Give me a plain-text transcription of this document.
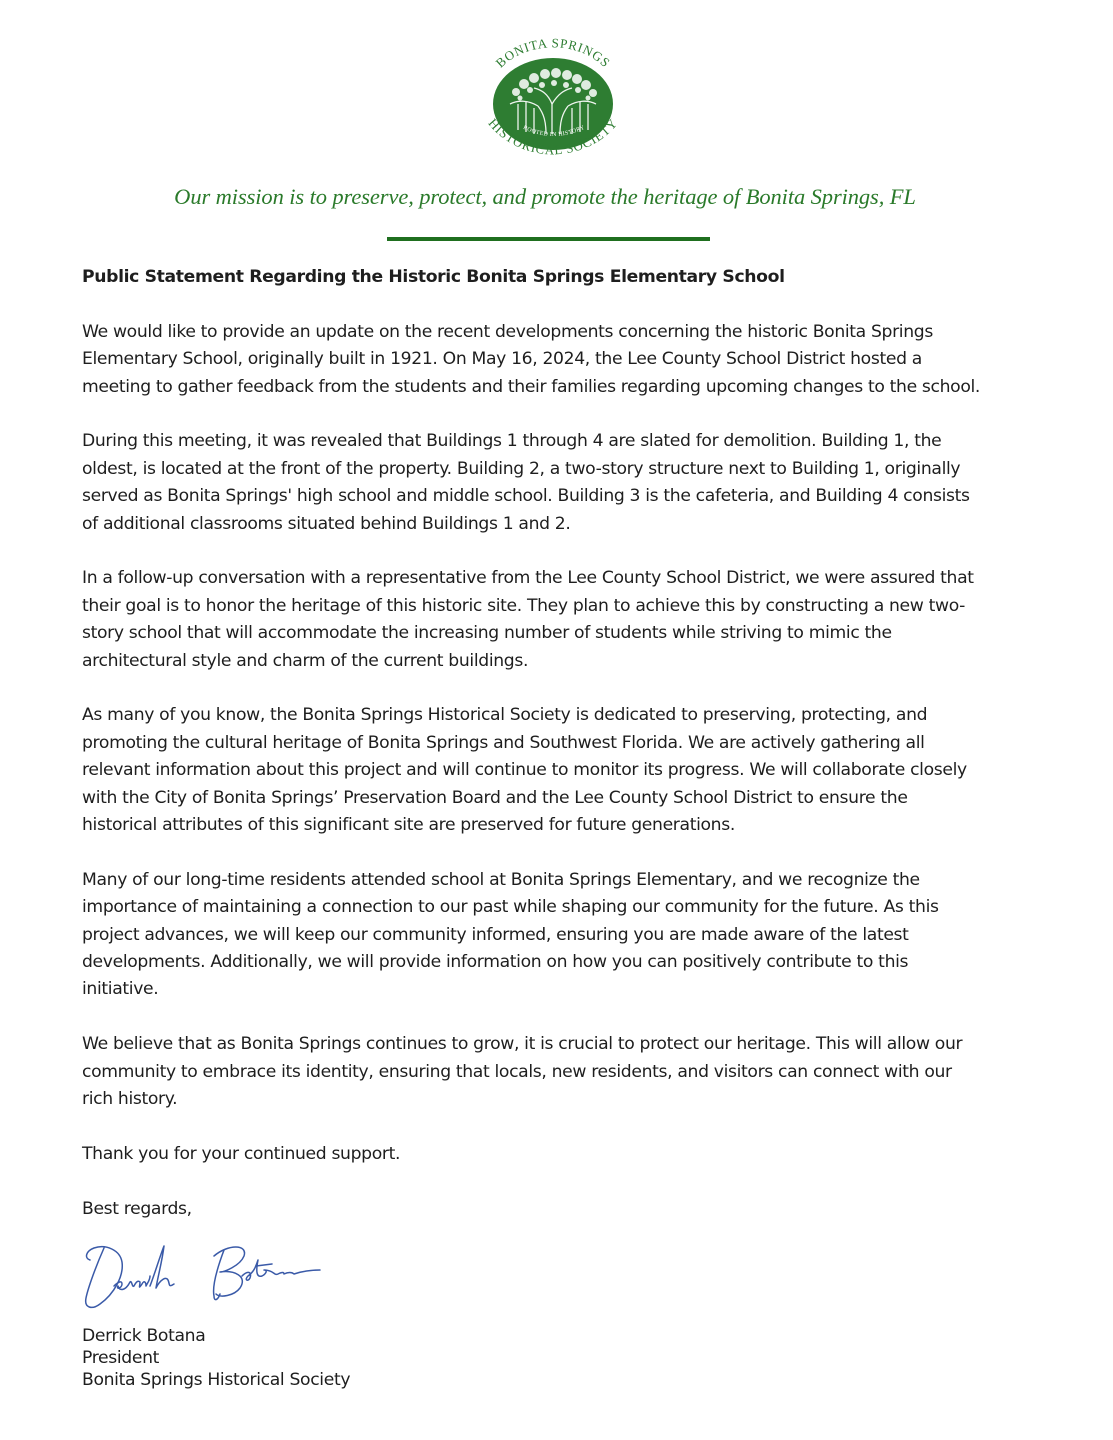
ROOTED IN HISTORY
BONITA SPRINGS
HISTORICAL SOCIETY
Our mission is to preserve, protect, and promote the heritage of Bonita Springs, FL
Public Statement Regarding the Historic Bonita Springs Elementary School
We would like to provide an update on the recent developments concerning the historic Bonita Springs
Elementary School, originally built in 1921. On May 16, 2024, the Lee County School District hosted a
meeting to gather feedback from the students and their families regarding upcoming changes to the school.
During this meeting, it was revealed that Buildings 1 through 4 are slated for demolition. Building 1, the
oldest, is located at the front of the property. Building 2, a two-story structure next to Building 1, originally
served as Bonita Springs' high school and middle school. Building 3 is the cafeteria, and Building 4 consists
of additional classrooms situated behind Buildings 1 and 2.
In a follow-up conversation with a representative from the Lee County School District, we were assured that
their goal is to honor the heritage of this historic site. They plan to achieve this by constructing a new two-
story school that will accommodate the increasing number of students while striving to mimic the
architectural style and charm of the current buildings.
As many of you know, the Bonita Springs Historical Society is dedicated to preserving, protecting, and
promoting the cultural heritage of Bonita Springs and Southwest Florida. We are actively gathering all
relevant information about this project and will continue to monitor its progress. We will collaborate closely
with the City of Bonita Springs’ Preservation Board and the Lee County School District to ensure the
historical attributes of this significant site are preserved for future generations.
Many of our long-time residents attended school at Bonita Springs Elementary, and we recognize the
importance of maintaining a connection to our past while shaping our community for the future. As this
project advances, we will keep our community informed, ensuring you are made aware of the latest
developments. Additionally, we will provide information on how you can positively contribute to this
initiative.
We believe that as Bonita Springs continues to grow, it is crucial to protect our heritage. This will allow our
community to embrace its identity, ensuring that locals, new residents, and visitors can connect with our
rich history.
Thank you for your continued support.
Best regards,
Derrick Botana
President
Bonita Springs Historical Society
